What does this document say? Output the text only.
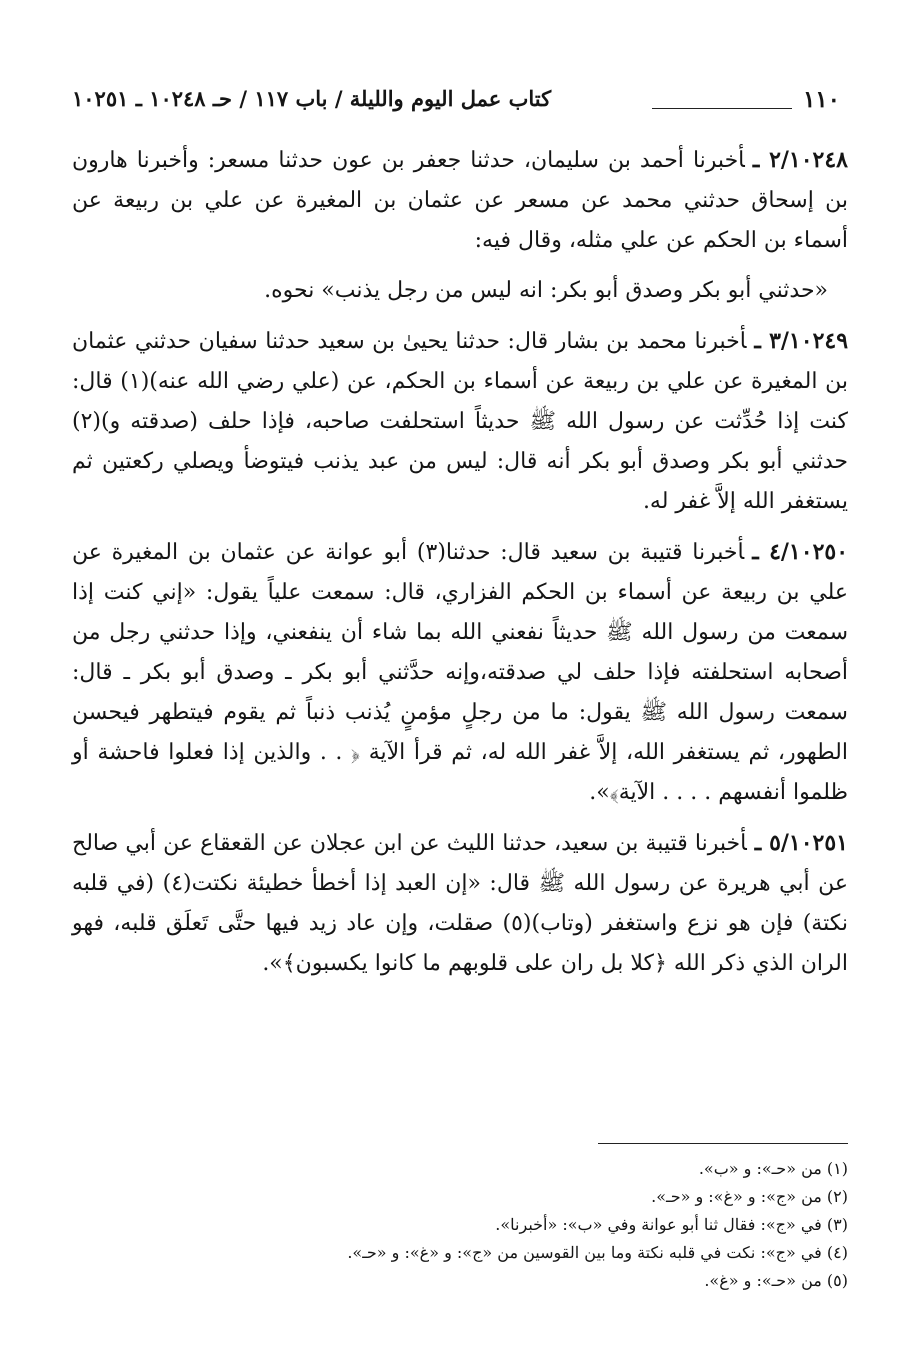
١١٠
كتاب عمل اليوم والليلة / باب ١١٧ / حـ ١٠٢٤٨ ـ ١٠٢٥١

٢/١٠٢٤٨ ـأخبرنا أحمد بن سليمان، حدثنا جعفر بن عون حدثنا مسعر: وأخبرنا هارون بن إسحاق حدثني محمد عن مسعر عن عثمان بن المغيرة عن علي بن ربيعة عن أسماء بن الحكم عن علي مثله، وقال فيه:

«حدثني أبو بكر وصدق أبو بكر: انه ليس من رجل يذنب» نحوه.

٣/١٠٢٤٩ ـأخبرنا محمد بن بشار قال: حدثنا يحيىٰ بن سعيد حدثنا سفيان حدثني عثمان بن المغيرة عن علي بن ربيعة عن أسماء بن الحكم، عن (علي رضي الله عنه)(١) قال: كنت إذا حُدِّثت عن رسول الله ﷺ حديثاً استحلفت صاحبه، فإذا حلف (صدقته و)(٢) حدثني أبو بكر وصدق أبو بكر أنه قال: ليس من عبد يذنب فيتوضأ ويصلي ركعتين ثم يستغفر الله إلاَّ غفر له.

٤/١٠٢٥٠ ـأخبرنا قتيبة بن سعيد قال: حدثنا(٣) أبو عوانة عن عثمان بن المغيرة عن علي بن ربيعة عن أسماء بن الحكم الفزاري، قال: سمعت علياً يقول: «إني كنت إذا سمعت من رسول الله ﷺ حديثاً نفعني الله بما شاء أن ينفعني، وإذا حدثني رجل من أصحابه استحلفته فإذا حلف لي صدقته،وإنه حدَّثني أبو بكر ـ وصدق أبو بكر ـ قال: سمعت رسول الله ﷺ يقول: ما من رجلٍ مؤمنٍ يُذنب ذنباً ثم يقوم فيتطهر فيحسن الطهور، ثم يستغفر الله، إلاَّ غفر الله له، ثم قرأ الآية ﴿ . . والذين إذا فعلوا فاحشة أو ظلموا أنفسهم . . . . الآية﴾».

٥/١٠٢٥١ ـأخبرنا قتيبة بن سعيد، حدثنا الليث عن ابن عجلان عن القعقاع عن أبي صالح عن أبي هريرة عن رسول الله ﷺ قال: «إن العبد إذا أخطأ خطيئة نكتت(٤) (في قلبه نكتة) فإن هو نزع واستغفر (وتاب)(٥) صقلت، وإن عاد زيد فيها حتَّى تَعلَق قلبه، فهو الران الذي ذكر الله ﴿كلا بل ران على قلوبهم ما كانوا يكسبون﴾».

(١) من «حـ»: و «ب».

(٢) من «ج»: و «غ»: و «حـ».

(٣) في «ج»: فقال ثنا أبو عوانة وفي «ب»: «أخبرنا».

(٤) في «ج»: نكت في قلبه نكتة وما بين القوسين من «ج»: و «غ»: و «حـ».

(٥) من «حـ»: و «غ».
